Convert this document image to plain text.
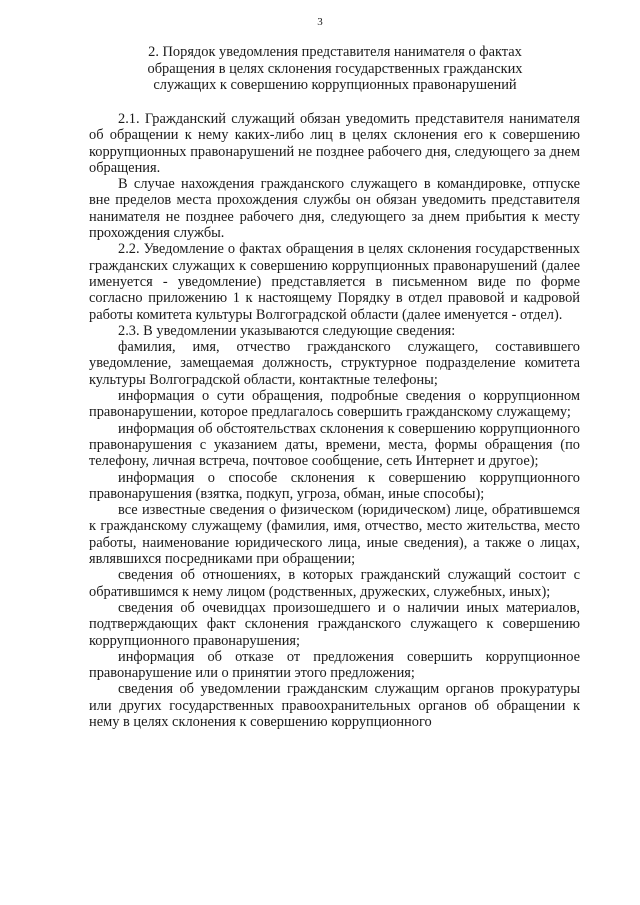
3
2. Порядок уведомления представителя нанимателя о фактах
обращения в целях склонения государственных гражданских
служащих к совершению коррупционных правонарушений

2.1. Гражданский служащий обязан уведомить представителя нанимателя об обращении к нему каких-либо лиц в целях склонения его к совершению коррупционных правонарушений не позднее рабочего дня, следующего за днем обращения.

В случае нахождения гражданского служащего в командировке, отпуске вне пределов места прохождения службы он обязан уведомить представителя нанимателя не позднее рабочего дня, следующего за днем прибытия к месту прохождения службы.

2.2. Уведомление о фактах обращения в целях склонения государственных гражданских служащих к совершению коррупционных правонарушений (далее именуется - уведомление) представляется в письменном виде по форме согласно приложению 1 к настоящему Порядку в отдел правовой и кадровой работы комитета культуры Волгоградской области (далее именуется - отдел).

2.3. В уведомлении указываются следующие сведения:

фамилия, имя, отчество гражданского служащего, составившего уведомление, замещаемая должность, структурное подразделение комитета культуры Волгоградской области, контактные телефоны;

информация о сути обращения, подробные сведения о коррупционном правонарушении, которое предлагалось совершить гражданскому служащему;

информация об обстоятельствах склонения к совершению коррупционного правонарушения с указанием даты, времени, места, формы обращения (по телефону, личная встреча, почтовое сообщение, сеть Интернет и другое);

информация о способе склонения к совершению коррупционного правонарушения (взятка, подкуп, угроза, обман, иные способы);

все известные сведения о физическом (юридическом) лице, обратившемся к гражданскому служащему (фамилия, имя, отчество, место жительства, место работы, наименование юридического лица, иные сведения), а также о лицах, являвшихся посредниками при обращении;

сведения об отношениях, в которых гражданский служащий состоит с обратившимся к нему лицом (родственных, дружеских, служебных, иных);

сведения об очевидцах произошедшего и о наличии иных материалов, подтверждающих факт склонения гражданского служащего к совершению коррупционного правонарушения;

информация об отказе от предложения совершить коррупционное правонарушение или о принятии этого предложения;

сведения об уведомлении гражданским служащим органов прокуратуры или других государственных правоохранительных органов об обращении к нему в целях склонения к совершению коррупционного
